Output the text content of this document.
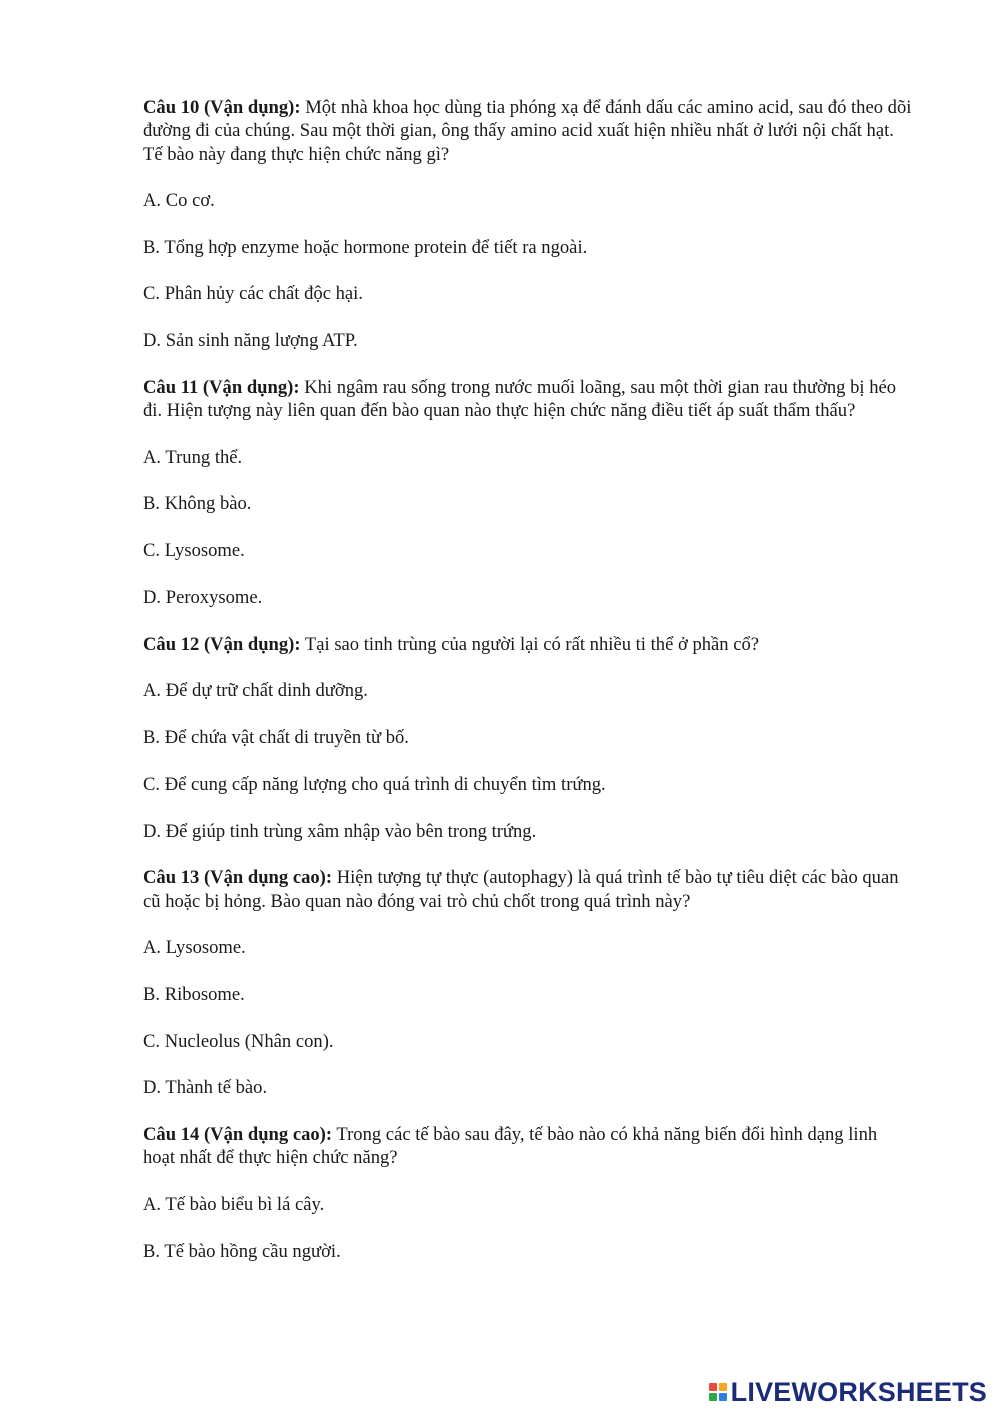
Câu 10 (Vận dụng): Một nhà khoa học dùng tia phóng xạ để đánh dấu các amino acid, sau đó theo dõi đường đi của chúng. Sau một thời gian, ông thấy amino acid xuất hiện nhiều nhất ở lưới nội chất hạt. Tế bào này đang thực hiện chức năng gì?

A. Co cơ.

B. Tổng hợp enzyme hoặc hormone protein để tiết ra ngoài.

C. Phân hủy các chất độc hại.

D. Sản sinh năng lượng ATP.

Câu 11 (Vận dụng): Khi ngâm rau sống trong nước muối loãng, sau một thời gian rau thường bị héo đi. Hiện tượng này liên quan đến bào quan nào thực hiện chức năng điều tiết áp suất thẩm thấu?

A. Trung thể.

B. Không bào.

C. Lysosome.

D. Peroxysome.

Câu 12 (Vận dụng): Tại sao tinh trùng của người lại có rất nhiều ti thể ở phần cổ?

A. Để dự trữ chất dinh dưỡng.

B. Để chứa vật chất di truyền từ bố.

C. Để cung cấp năng lượng cho quá trình di chuyển tìm trứng.

D. Để giúp tinh trùng xâm nhập vào bên trong trứng.

Câu 13 (Vận dụng cao): Hiện tượng tự thực (autophagy) là quá trình tế bào tự tiêu diệt các bào quan cũ hoặc bị hỏng. Bào quan nào đóng vai trò chủ chốt trong quá trình này?

A. Lysosome.

B. Ribosome.

C. Nucleolus (Nhân con).

D. Thành tế bào.

Câu 14 (Vận dụng cao): Trong các tế bào sau đây, tế bào nào có khả năng biến đổi hình dạng linh hoạt nhất để thực hiện chức năng?

A. Tế bào biểu bì lá cây.

B. Tế bào hồng cầu người.

LIVEWORKSHEETS
